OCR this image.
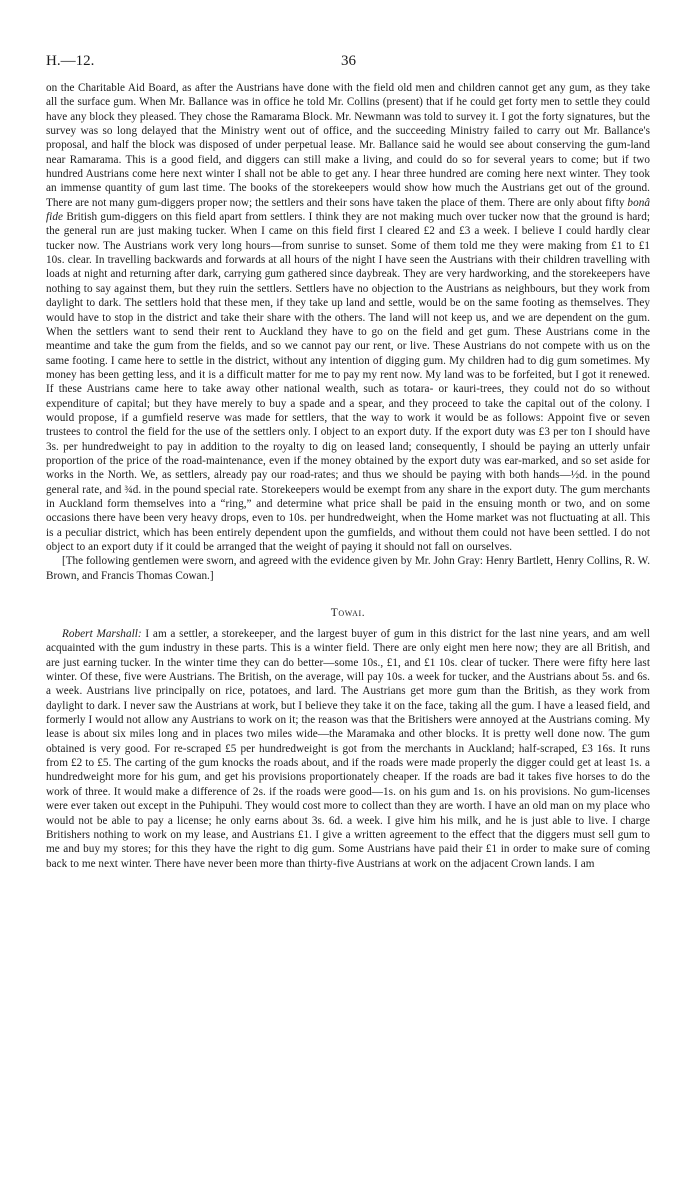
H.—12.	36

on the Charitable Aid Board, as after the Austrians have done with the field old men and children cannot get any gum, as they take all the surface gum. When Mr. Ballance was in office he told Mr. Collins (present) that if he could get forty men to settle they could have any block they pleased. They chose the Ramarama Block. Mr. Newmann was told to survey it. I got the forty signatures, but the survey was so long delayed that the Ministry went out of office, and the succeeding Ministry failed to carry out Mr. Ballance's proposal, and half the block was disposed of under perpetual lease. Mr. Ballance said he would see about conserving the gum-land near Ramarama. This is a good field, and diggers can still make a living, and could do so for several years to come; but if two hundred Austrians come here next winter I shall not be able to get any. I hear three hundred are coming here next winter. They took an immense quantity of gum last time. The books of the storekeepers would show how much the Austrians get out of the ground. There are not many gum-diggers proper now; the settlers and their sons have taken the place of them. There are only about fifty bonâ fide British gum-diggers on this field apart from settlers. I think they are not making much over tucker now that the ground is hard; the general run are just making tucker. When I came on this field first I cleared £2 and £3 a week. I believe I could hardly clear tucker now. The Austrians work very long hours—from sunrise to sunset. Some of them told me they were making from £1 to £1 10s. clear. In travelling backwards and forwards at all hours of the night I have seen the Austrians with their children travelling with loads at night and returning after dark, carrying gum gathered since daybreak. They are very hardworking, and the storekeepers have nothing to say against them, but they ruin the settlers. Settlers have no objection to the Austrians as neighbours, but they work from daylight to dark. The settlers hold that these men, if they take up land and settle, would be on the same footing as themselves. They would have to stop in the district and take their share with the others. The land will not keep us, and we are dependent on the gum. When the settlers want to send their rent to Auckland they have to go on the field and get gum. These Austrians come in the meantime and take the gum from the fields, and so we cannot pay our rent, or live. These Austrians do not compete with us on the same footing. I came here to settle in the district, without any intention of digging gum. My children had to dig gum sometimes. My money has been getting less, and it is a difficult matter for me to pay my rent now. My land was to be forfeited, but I got it renewed. If these Austrians came here to take away other national wealth, such as totara- or kauri-trees, they could not do so without expenditure of capital; but they have merely to buy a spade and a spear, and they proceed to take the capital out of the colony. I would propose, if a gumfield reserve was made for settlers, that the way to work it would be as follows: Appoint five or seven trustees to control the field for the use of the settlers only. I object to an export duty. If the export duty was £3 per ton I should have 3s. per hundredweight to pay in addition to the royalty to dig on leased land; consequently, I should be paying an utterly unfair proportion of the price of the road-maintenance, even if the money obtained by the export duty was ear-marked, and so set aside for works in the North. We, as settlers, already pay our road-rates; and thus we should be paying with both hands—½d. in the pound general rate, and ¾d. in the pound special rate. Storekeepers would be exempt from any share in the export duty. The gum merchants in Auckland form themselves into a “ring,” and determine what price shall be paid in the ensuing month or two, and on some occasions there have been very heavy drops, even to 10s. per hundredweight, when the Home market was not fluctuating at all. This is a peculiar district, which has been entirely dependent upon the gumfields, and without them could not have been settled. I do not object to an export duty if it could be arranged that the weight of paying it should not fall on ourselves.

[The following gentlemen were sworn, and agreed with the evidence given by Mr. John Gray: Henry Bartlett, Henry Collins, R. W. Brown, and Francis Thomas Cowan.]

Towai.

Robert Marshall: I am a settler, a storekeeper, and the largest buyer of gum in this district for the last nine years, and am well acquainted with the gum industry in these parts. This is a winter field. There are only eight men here now; they are all British, and are just earning tucker. In the winter time they can do better—some 10s., £1, and £1 10s. clear of tucker. There were fifty here last winter. Of these, five were Austrians. The British, on the average, will pay 10s. a week for tucker, and the Austrians about 5s. and 6s. a week. Austrians live principally on rice, potatoes, and lard. The Austrians get more gum than the British, as they work from daylight to dark. I never saw the Austrians at work, but I believe they take it on the face, taking all the gum. I have a leased field, and formerly I would not allow any Austrians to work on it; the reason was that the Britishers were annoyed at the Austrians coming. My lease is about six miles long and in places two miles wide—the Maramaka and other blocks. It is pretty well done now. The gum obtained is very good. For re-scraped £5 per hundredweight is got from the merchants in Auckland; half-scraped, £3 16s. It runs from £2 to £5. The carting of the gum knocks the roads about, and if the roads were made properly the digger could get at least 1s. a hundredweight more for his gum, and get his provisions proportionately cheaper. If the roads are bad it takes five horses to do the work of three. It would make a difference of 2s. if the roads were good—1s. on his gum and 1s. on his provisions. No gum-licenses were ever taken out except in the Puhipuhi. They would cost more to collect than they are worth. I have an old man on my place who would not be able to pay a license; he only earns about 3s. 6d. a week. I give him his milk, and he is just able to live. I charge Britishers nothing to work on my lease, and Austrians £1. I give a written agreement to the effect that the diggers must sell gum to me and buy my stores; for this they have the right to dig gum. Some Austrians have paid their £1 in order to make sure of coming back to me next winter. There have never been more than thirty-five Austrians at work on the adjacent Crown lands. I am
